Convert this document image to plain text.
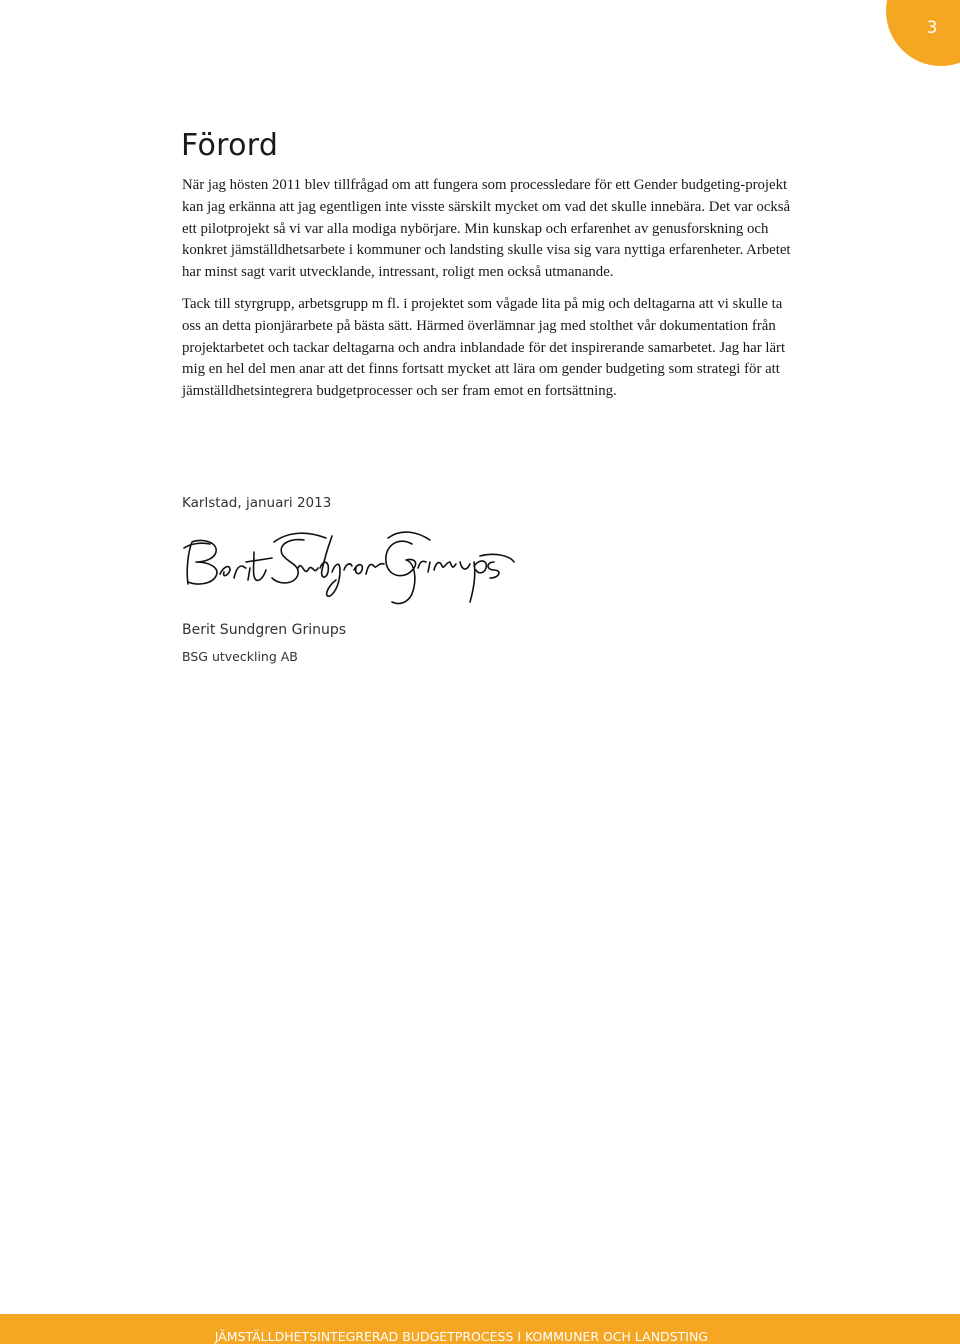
3
Förord

När jag hösten 2011 blev tillfrågad om att fungera som processledare för ett Gender budgeting-projekt kan jag erkänna att jag egentligen inte visste särskilt mycket om vad det skulle innebära. Det var också ett pilotprojekt så vi var alla modiga nybörjare. Min kunskap och erfarenhet av genusforskning och konkret jämställdhetsarbete i kommuner och landsting skulle visa sig vara nyttiga erfarenheter. Arbetet har minst sagt varit utvecklande, intressant, roligt men också utmanande.

Tack till styrgrupp, arbetsgrupp m fl. i projektet som vågade lita på mig och deltagarna att vi skulle ta oss an detta pionjärarbete på bästa sätt. Härmed överlämnar jag med stolthet vår dokumentation från projektarbetet och tackar deltagarna och andra inblandade för det inspirerande samarbetet. Jag har lärt mig en hel del men anar att det finns fortsatt mycket att lära om gender budgeting som strategi för att jämställdhetsintegrera budgetprocesser och ser fram emot en fortsättning.

Karlstad, januari 2013
Berit Sundgren Grinups
BSG utveckling AB
JÄMSTÄLLDHETSINTEGRERAD BUDGETPROCESS I KOMMUNER OCH LANDSTING
